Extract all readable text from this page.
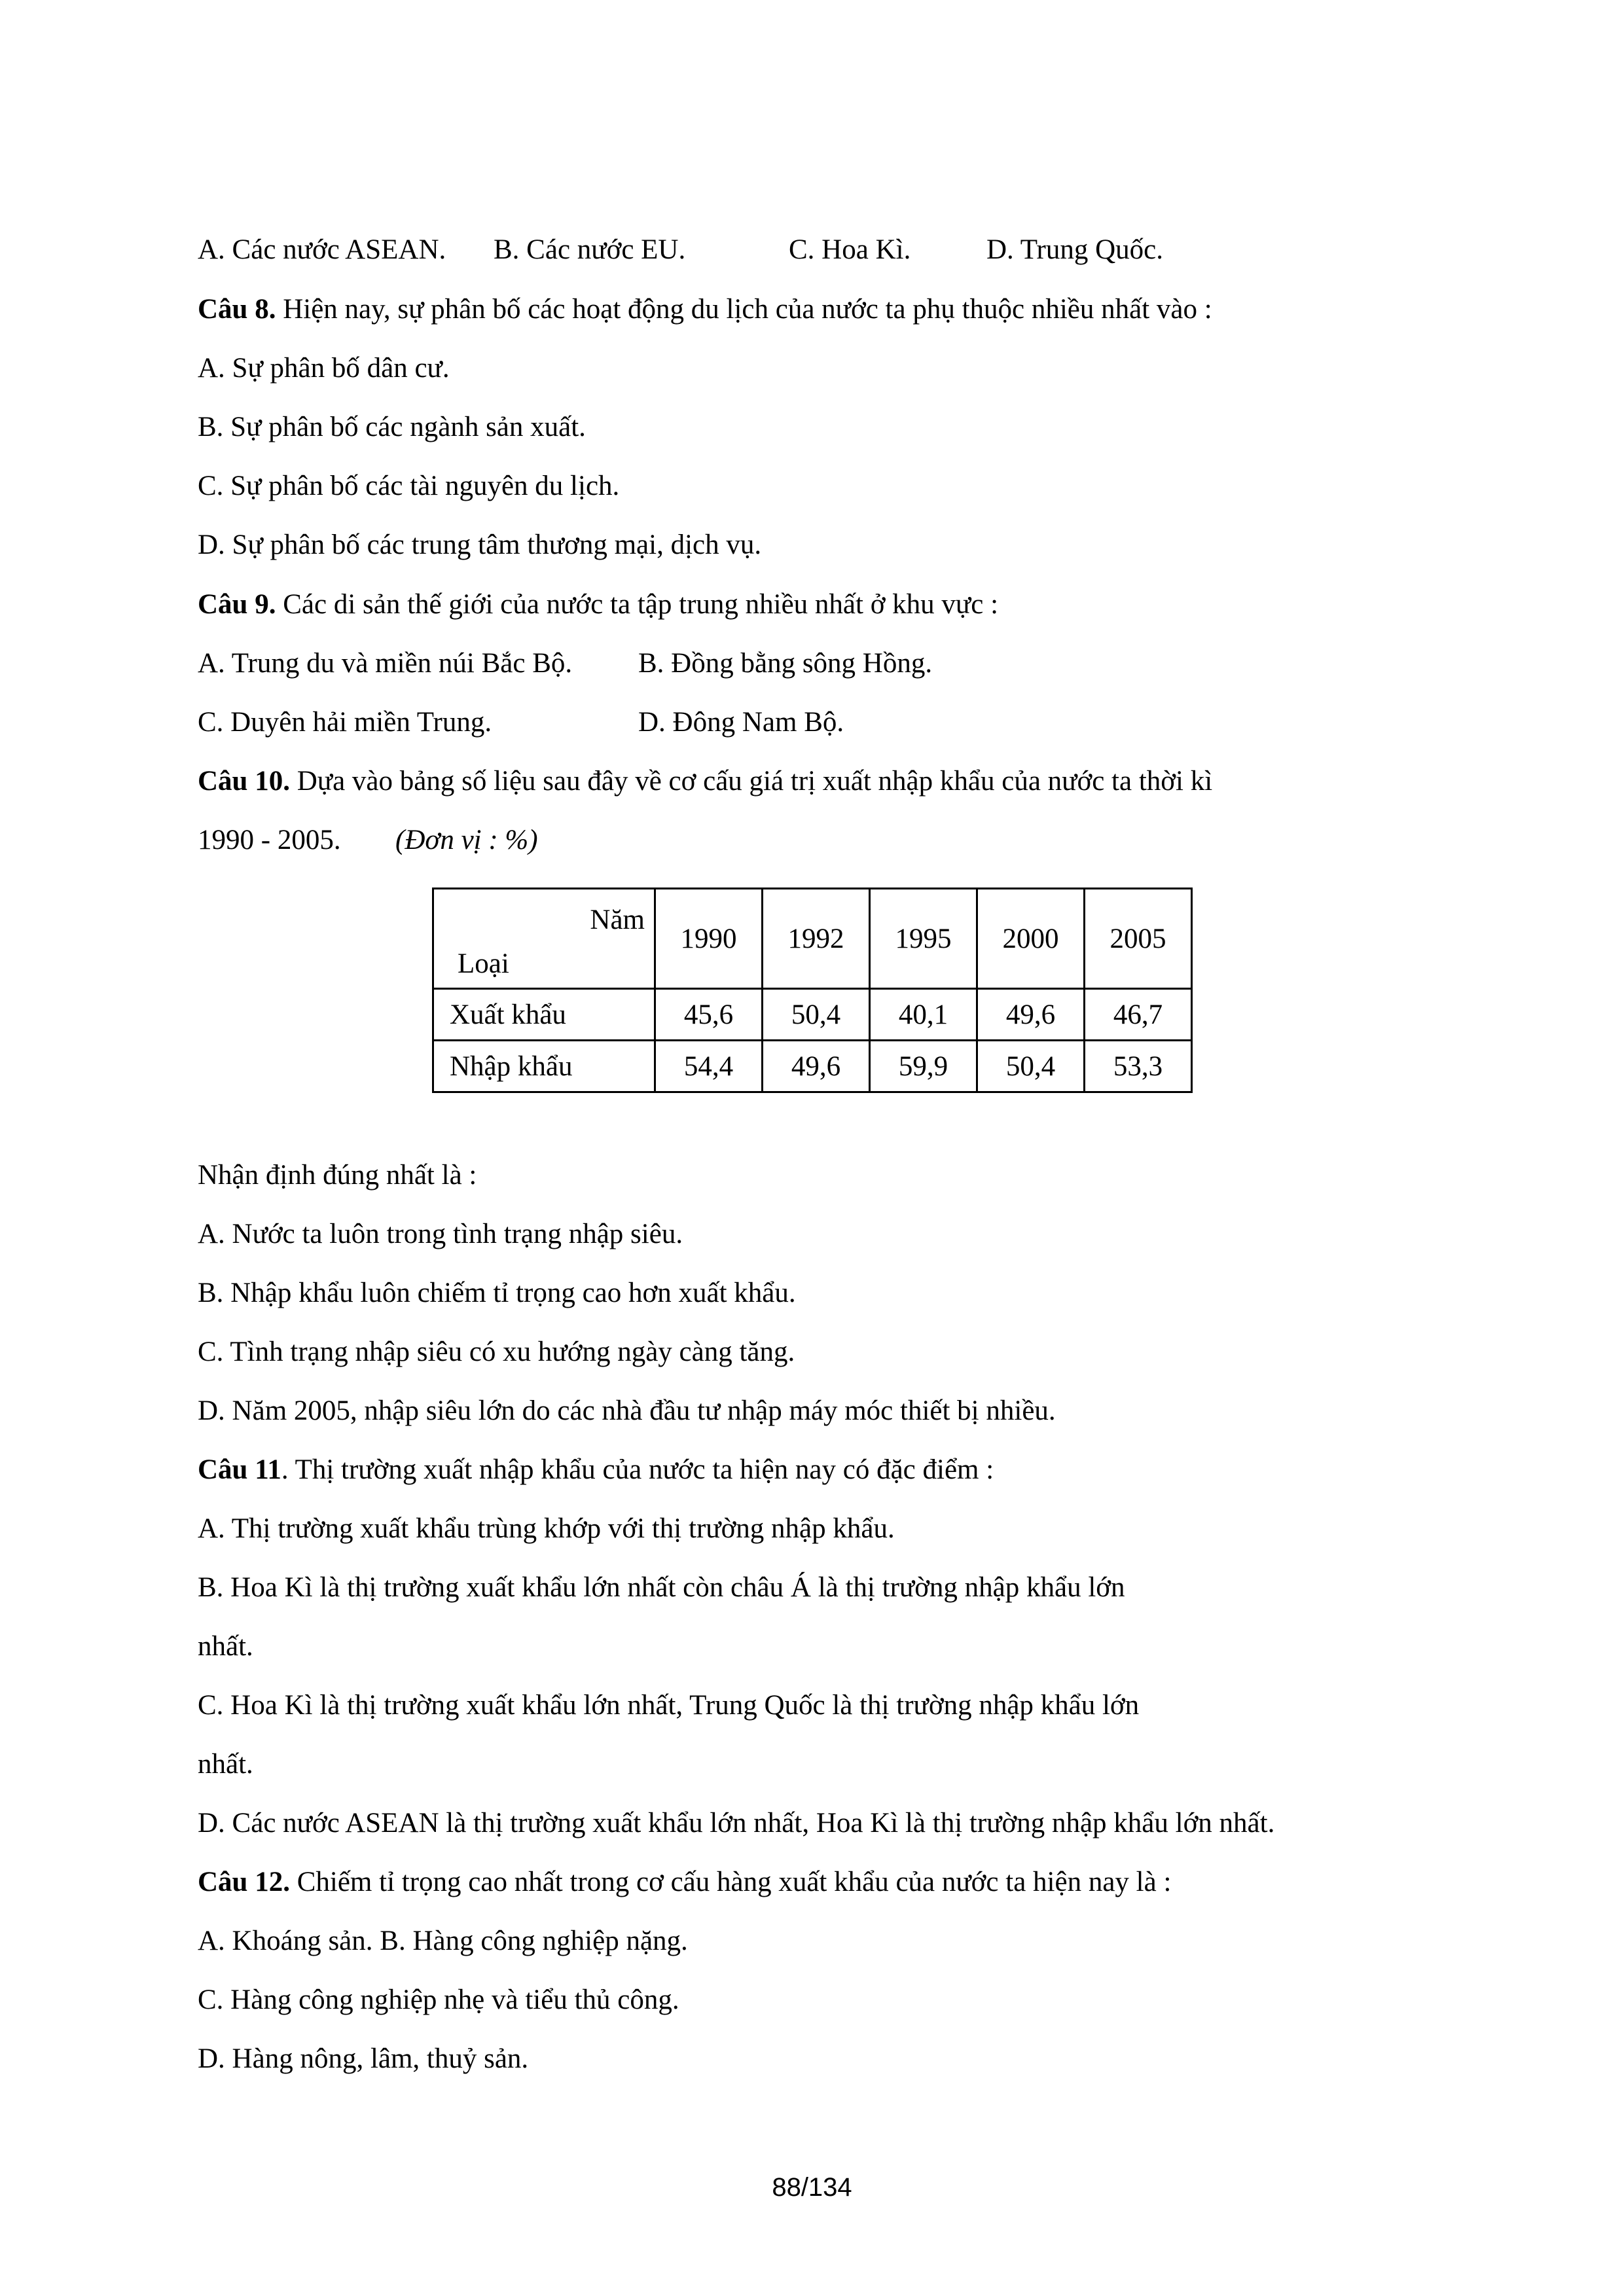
A. Các nước ASEAN. B. Các nước EU.	C. Hoa Kì.	D. Trung Quốc.
Câu 8. Hiện nay, sự phân bố các hoạt động du lịch của nước ta phụ thuộc nhiều nhất vào :
A. Sự phân bố dân cư.
B. Sự phân bố các ngành sản xuất.
C. Sự phân bố các tài nguyên du lịch.
D. Sự phân bố các trung tâm thương mại, dịch vụ.
Câu 9. Các di sản thế giới của nước ta tập trung nhiều nhất ở khu vực :
A. Trung du và miền núi Bắc Bộ. B. Đồng bằng sông Hồng.
C. Duyên hải miền Trung.	D. Đông Nam Bộ.
Câu 10. Dựa vào bảng số liệu sau đây về cơ cấu giá trị xuất nhập khẩu của nước ta thời kì
1990 - 2005. (Đơn vị : %)
Năm
Loại	1990	1992	1995	2000	2005
Xuất khẩu	45,6	50,4	40,1	49,6	46,7
Nhập khẩu	54,4	49,6	59,9	50,4	53,3
Nhận định đúng nhất là :
A. Nước ta luôn trong tình trạng nhập siêu.
B. Nhập khẩu luôn chiếm tỉ trọng cao hơn xuất khẩu.
C. Tình trạng nhập siêu có xu hướng ngày càng tăng.
D. Năm 2005, nhập siêu lớn do các nhà đầu tư nhập máy móc thiết bị nhiều.
Câu 11. Thị trường xuất nhập khẩu của nước ta hiện nay có đặc điểm :
A. Thị trường xuất khẩu trùng khớp với thị trường nhập khẩu.
B. Hoa Kì là thị trường xuất khẩu lớn nhất còn châu Á là thị trường nhập khẩu lớn
nhất.
C. Hoa Kì là thị trường xuất khẩu lớn nhất, Trung Quốc là thị trường nhập khẩu lớn
nhất.
D. Các nước ASEAN là thị trường xuất khẩu lớn nhất, Hoa Kì là thị trường nhập khẩu lớn nhất.
Câu 12. Chiếm tỉ trọng cao nhất trong cơ cấu hàng xuất khẩu của nước ta hiện nay là :
A. Khoáng sản. B. Hàng công nghiệp nặng.
C. Hàng công nghiệp nhẹ và tiểu thủ công.
D. Hàng nông, lâm, thuỷ sản.
88/134
